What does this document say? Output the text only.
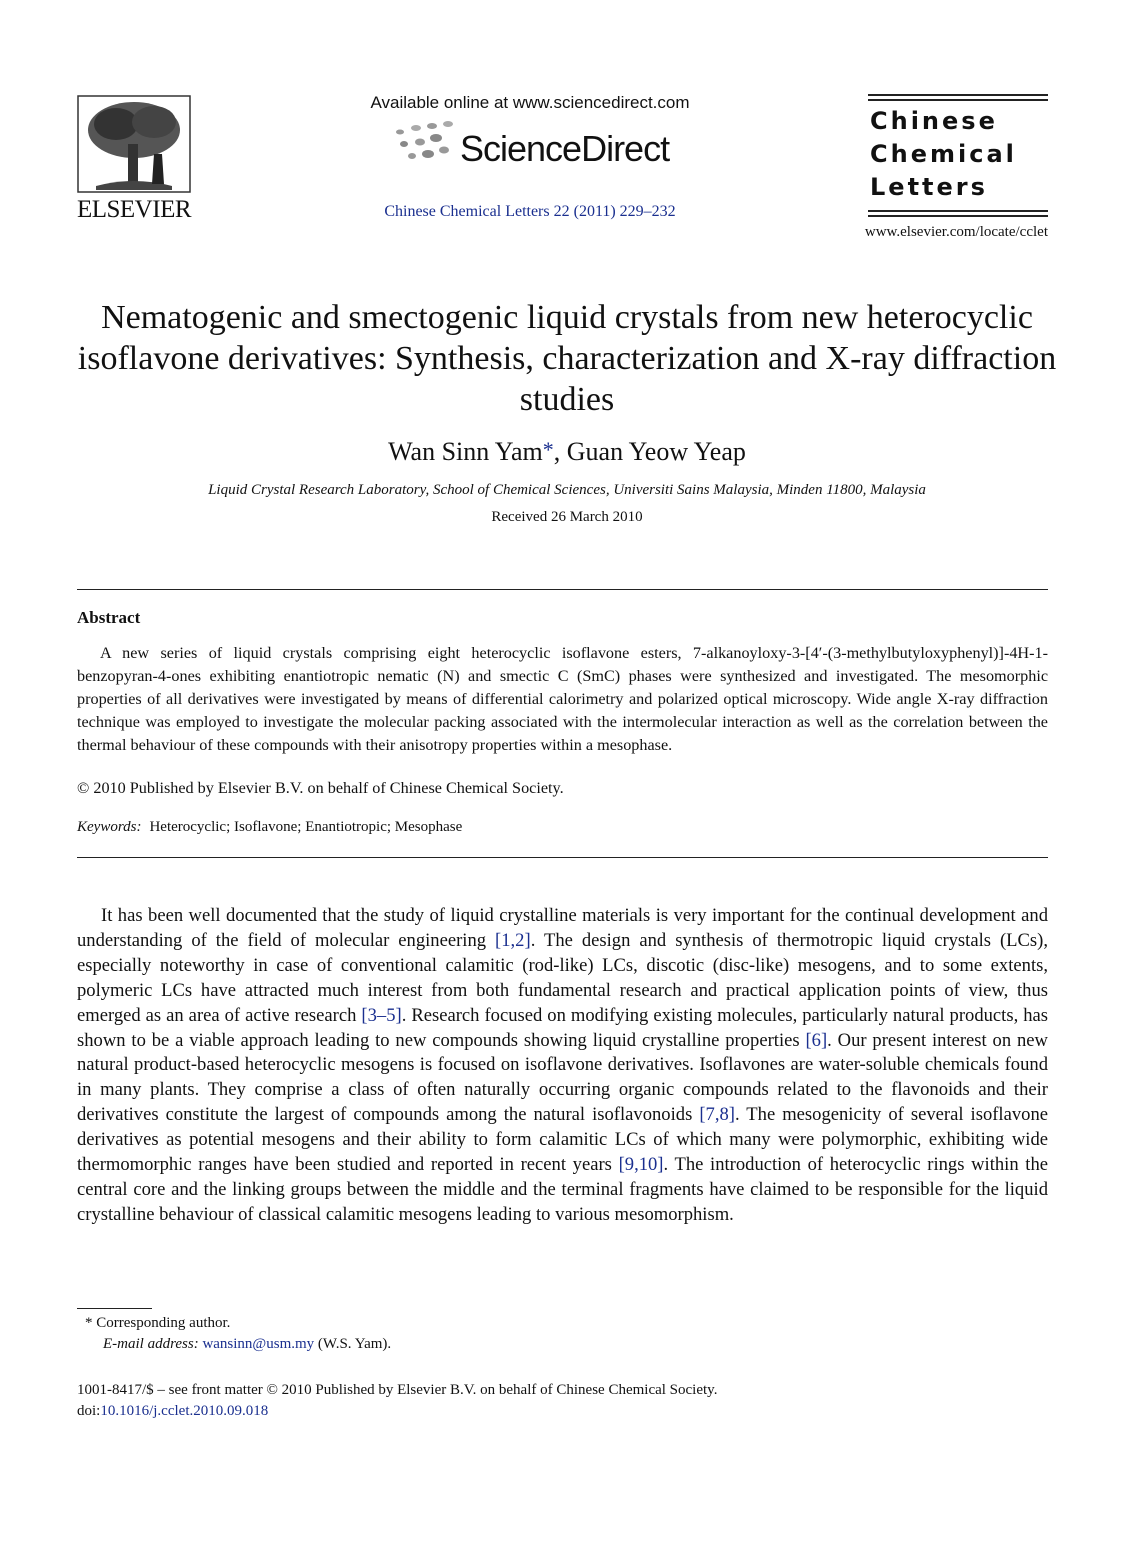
ELSEVIER
Available online at www.sciencedirect.com
ScienceDirect
Chinese Chemical Letters 22 (2011) 229–232
Chinese
Chemical
Letters
www.elsevier.com/locate/cclet
Nematogenic and smectogenic liquid crystals from new heterocyclic isoflavone derivatives: Synthesis, characterization and X-ray diffraction studies
Wan Sinn Yam*, Guan Yeow Yeap
Liquid Crystal Research Laboratory, School of Chemical Sciences, Universiti Sains Malaysia, Minden 11800, Malaysia
Received 26 March 2010
Abstract
A new series of liquid crystals comprising eight heterocyclic isoflavone esters, 7-alkanoyloxy-3-[4′-(3-methylbutyloxyphenyl)]-4H-1-benzopyran-4-ones exhibiting enantiotropic nematic (N) and smectic C (SmC) phases were synthesized and investigated. The mesomorphic properties of all derivatives were investigated by means of differential calorimetry and polarized optical microscopy. Wide angle X-ray diffraction technique was employed to investigate the molecular packing associated with the intermolecular interaction as well as the correlation between the thermal behaviour of these compounds with their anisotropy properties within a mesophase.
© 2010 Published by Elsevier B.V. on behalf of Chinese Chemical Society.
Keywords: Heterocyclic; Isoflavone; Enantiotropic; Mesophase
It has been well documented that the study of liquid crystalline materials is very important for the continual development and understanding of the field of molecular engineering [1,2]. The design and synthesis of thermotropic liquid crystals (LCs), especially noteworthy in case of conventional calamitic (rod-like) LCs, discotic (disc-like) mesogens, and to some extents, polymeric LCs have attracted much interest from both fundamental research and practical application points of view, thus emerged as an area of active research [3–5]. Research focused on modifying existing molecules, particularly natural products, has shown to be a viable approach leading to new compounds showing liquid crystalline properties [6]. Our present interest on new natural product-based heterocyclic mesogens is focused on isoflavone derivatives. Isoflavones are water-soluble chemicals found in many plants. They comprise a class of often naturally occurring organic compounds related to the flavonoids and their derivatives constitute the largest of compounds among the natural isoflavonoids [7,8]. The mesogenicity of several isoflavone derivatives as potential mesogens and their ability to form calamitic LCs of which many were polymorphic, exhibiting wide thermomorphic ranges have been studied and reported in recent years [9,10]. The introduction of heterocyclic rings within the central core and the linking groups between the middle and the terminal fragments have claimed to be responsible for the liquid crystalline behaviour of classical calamitic mesogens leading to various mesomorphism.
* Corresponding author.
E-mail address: wansinn@usm.my (W.S. Yam).
1001-8417/$ – see front matter © 2010 Published by Elsevier B.V. on behalf of Chinese Chemical Society.
doi:10.1016/j.cclet.2010.09.018
